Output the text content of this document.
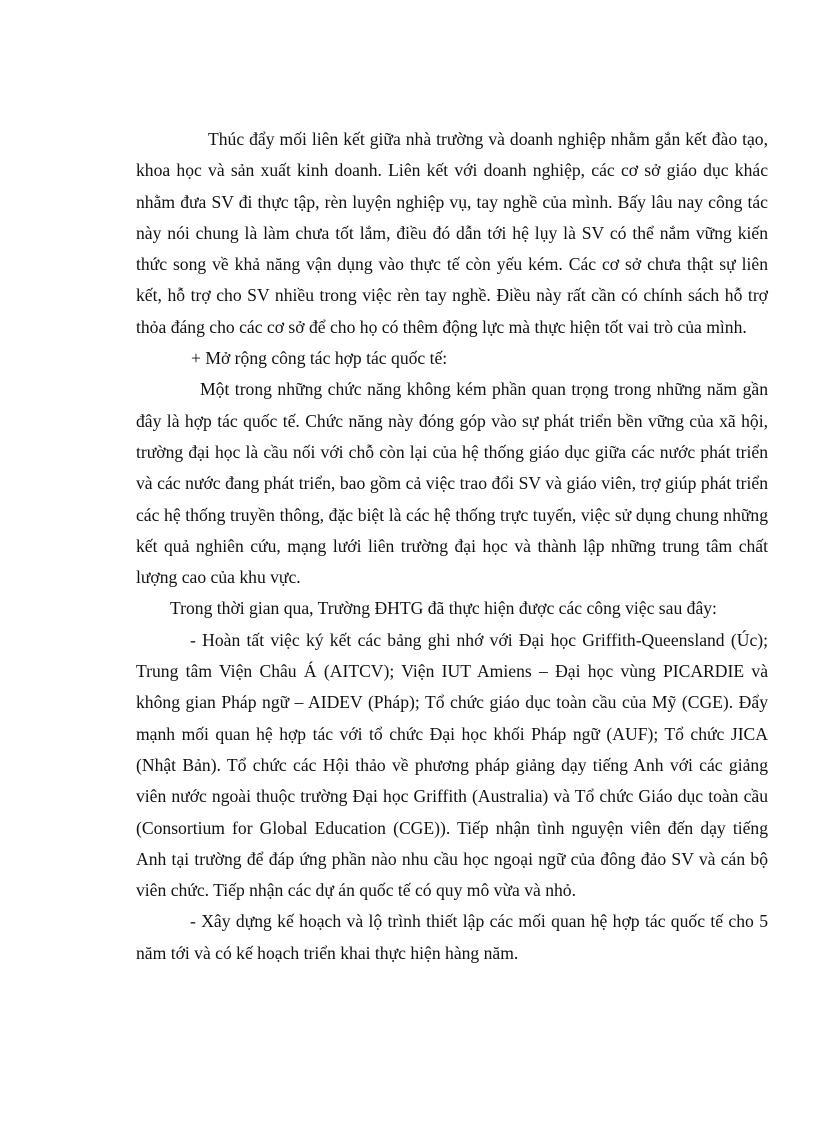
Thúc đẩy mối liên kết giữa nhà trường và doanh nghiệp nhằm gắn kết đào tạo, khoa học và sản xuất kinh doanh. Liên kết với doanh nghiệp, các cơ sở giáo dục khác nhằm đưa SV đi thực tập, rèn luyện nghiệp vụ, tay nghề của mình. Bấy lâu nay công tác này nói chung là làm chưa tốt lắm, điều đó dẫn tới hệ lụy là SV có thể nắm vững kiến thức song về khả năng vận dụng vào thực tế còn yếu kém. Các cơ sở chưa thật sự liên kết, hỗ trợ cho SV nhiều trong việc rèn tay nghề. Điều này rất cần có chính sách hỗ trợ thỏa đáng cho các cơ sở để cho họ có thêm động lực mà thực hiện tốt vai trò của mình.

+ Mở rộng công tác hợp tác quốc tế:

Một trong những chức năng không kém phần quan trọng trong những năm gần đây là hợp tác quốc tế. Chức năng này đóng góp vào sự phát triển bền vững của xã hội, trường đại học là cầu nối với chỗ còn lại của hệ thống giáo dục giữa các nước phát triển và các nước đang phát triển, bao gồm cả việc trao đổi SV và giáo viên, trợ giúp phát triển các hệ thống truyền thông, đặc biệt là các hệ thống trực tuyến, việc sử dụng chung những kết quả nghiên cứu, mạng lưới liên trường đại học và thành lập những trung tâm chất lượng cao của khu vực.

Trong thời gian qua, Trường ĐHTG đã thực hiện được các công việc sau đây:

- Hoàn tất việc ký kết các bảng ghi nhớ với Đại học Griffith-Queensland (Úc); Trung tâm Viện Châu Á (AITCV); Viện IUT Amiens – Đại học vùng PICARDIE và không gian Pháp ngữ – AIDEV (Pháp); Tổ chức giáo dục toàn cầu của Mỹ (CGE). Đẩy mạnh mối quan hệ hợp tác với tổ chức Đại học khối Pháp ngữ (AUF); Tổ chức JICA (Nhật Bản). Tổ chức các Hội thảo về phương pháp giảng dạy tiếng Anh với các giảng viên nước ngoài thuộc trường Đại học Griffith (Australia) và Tổ chức Giáo dục toàn cầu (Consortium for Global Education (CGE)). Tiếp nhận tình nguyện viên đến dạy tiếng Anh tại trường để đáp ứng phần nào nhu cầu học ngoại ngữ của đông đảo SV và cán bộ viên chức. Tiếp nhận các dự án quốc tế có quy mô vừa và nhỏ.

- Xây dựng kế hoạch và lộ trình thiết lập các mối quan hệ hợp tác quốc tế cho 5 năm tới và có kế hoạch triển khai thực hiện hàng năm.
